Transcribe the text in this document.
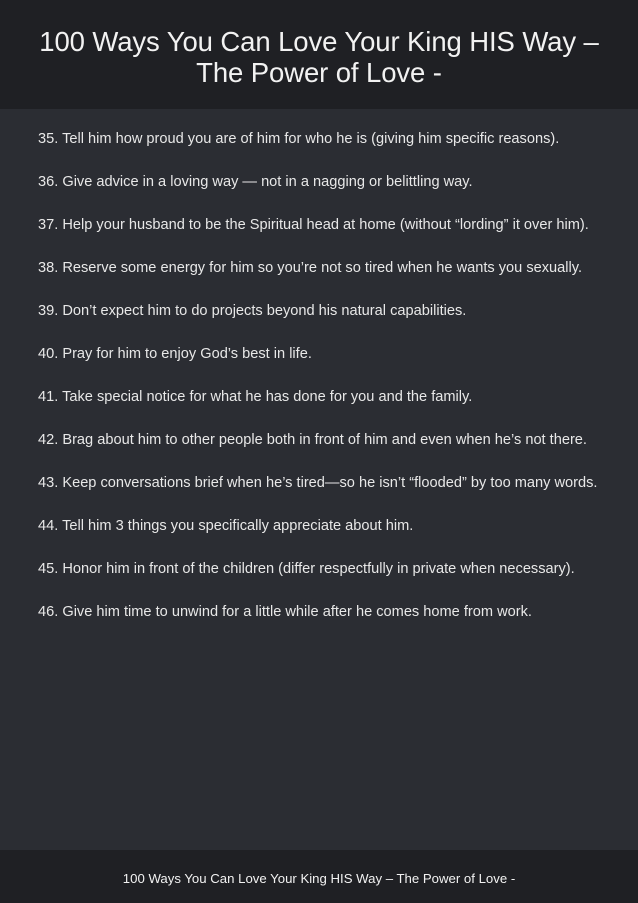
100 Ways You Can Love Your King HIS Way –
The Power of Love -

35. Tell him how proud you are of him for who he is (giving him specific reasons).

36. Give advice in a loving way — not in a nagging or belittling way.

37. Help your husband to be the Spiritual head at home (without “lording” it over him).

38. Reserve some energy for him so you’re not so tired when he wants you sexually.

39. Don’t expect him to do projects beyond his natural capabilities.

40. Pray for him to enjoy God’s best in life.

41. Take special notice for what he has done for you and the family.

42. Brag about him to other people both in front of him and even when he’s not there.

43. Keep conversations brief when he’s tired—so he isn’t “flooded” by too many words.

44. Tell him 3 things you specifically appreciate about him.

45. Honor him in front of the children (differ respectfully in private when necessary).

46. Give him time to unwind for a little while after he comes home from work.

100 Ways You Can Love Your King HIS Way – The Power of Love -
